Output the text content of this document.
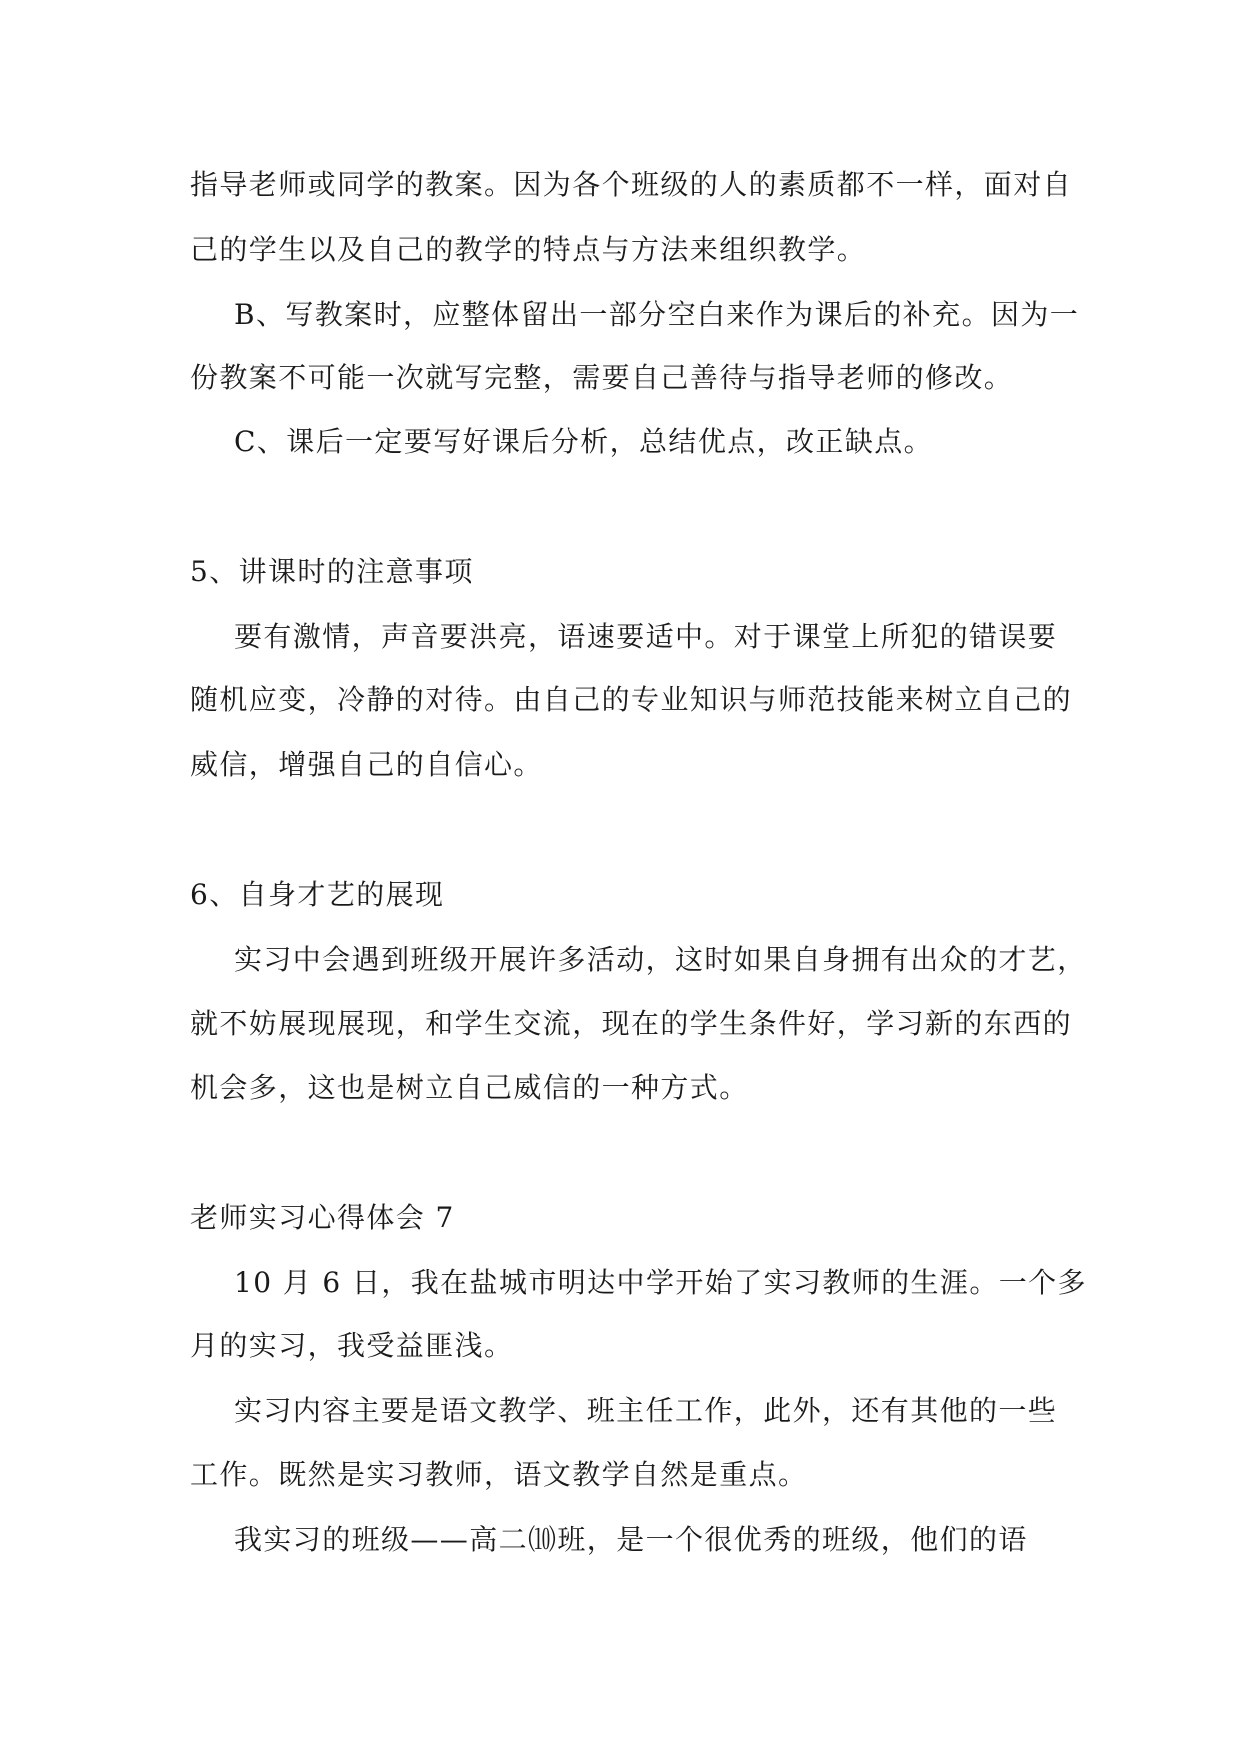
指导老师或同学的教案。因为各个班级的人的素质都不一样，面对自
己的学生以及自己的教学的特点与方法来组织教学。
B、写教案时，应整体留出一部分空白来作为课后的补充。因为一
份教案不可能一次就写完整，需要自己善待与指导老师的修改。
C、课后一定要写好课后分析，总结优点，改正缺点。
5、讲课时的注意事项
要有激情，声音要洪亮，语速要适中。对于课堂上所犯的错误要
随机应变，冷静的对待。由自己的专业知识与师范技能来树立自己的
威信，增强自己的自信心。
6、自身才艺的展现
实习中会遇到班级开展许多活动，这时如果自身拥有出众的才艺，
就不妨展现展现，和学生交流，现在的学生条件好，学习新的东西的
机会多，这也是树立自己威信的一种方式。
老师实习心得体会 7
10 月 6 日，我在盐城市明达中学开始了实习教师的生涯。一个多
月的实习，我受益匪浅。
实习内容主要是语文教学、班主任工作，此外，还有其他的一些
工作。既然是实习教师，语文教学自然是重点。
我实习的班级——高二⑽班，是一个很优秀的班级，他们的语
